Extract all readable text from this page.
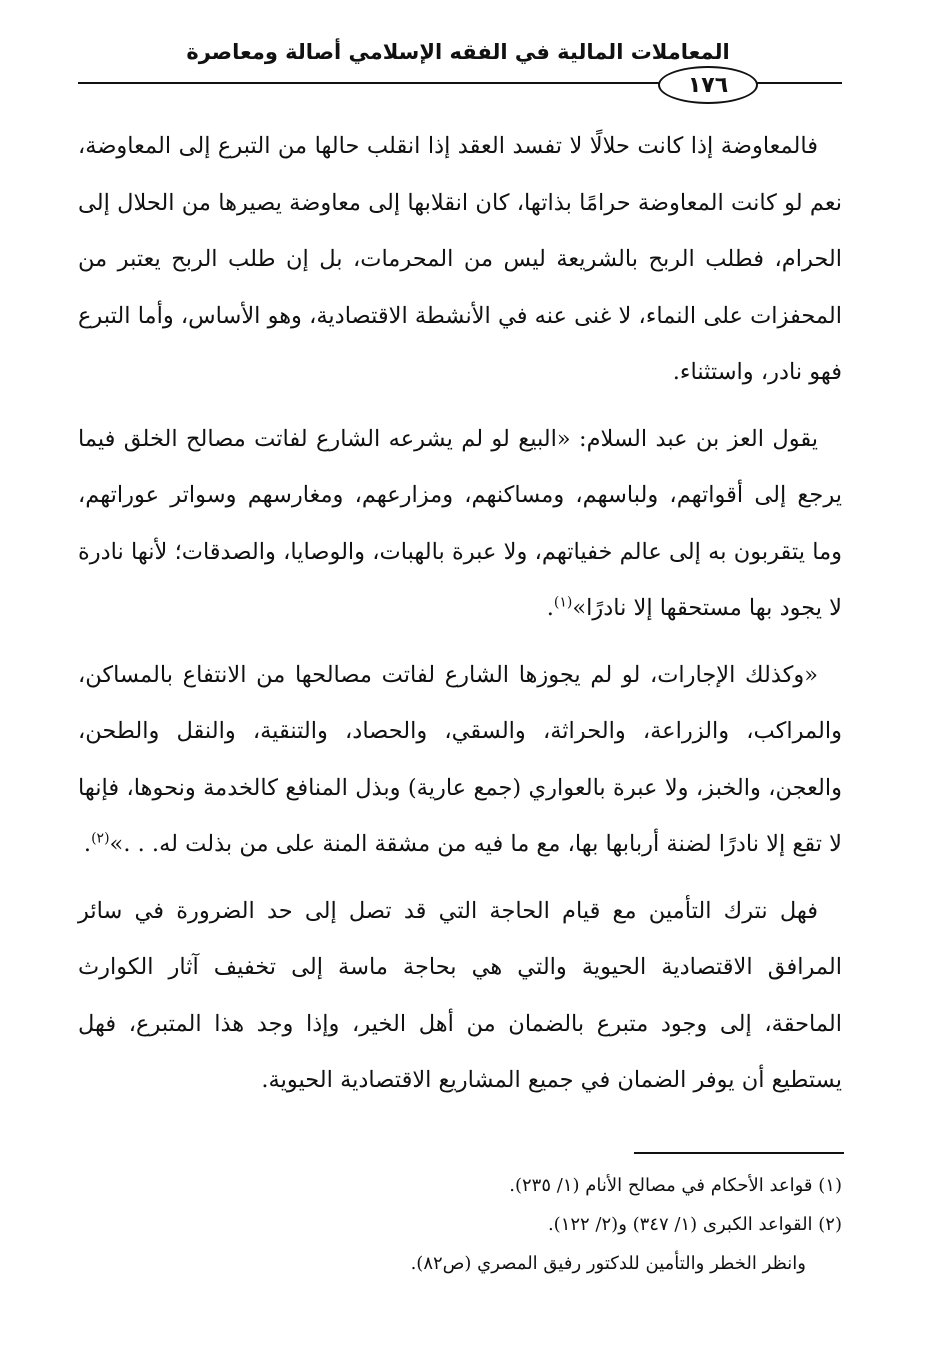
المعاملات المالية في الفقه الإسلامي أصالة ومعاصرة
١٧٦

فالمعاوضة إذا كانت حلالًا لا تفسد العقد إذا انقلب حالها من التبرع إلى المعاوضة، نعم لو كانت المعاوضة حرامًا بذاتها، كان انقلابها إلى معاوضة يصيرها من الحلال إلى الحرام، فطلب الربح بالشريعة ليس من المحرمات، بل إن طلب الربح يعتبر من المحفزات على النماء، لا غنى عنه في الأنشطة الاقتصادية، وهو الأساس، وأما التبرع فهو نادر، واستثناء.

يقول العز بن عبد السلام: «البيع لو لم يشرعه الشارع لفاتت مصالح الخلق فيما يرجع إلى أقواتهم، ولباسهم، ومساكنهم، ومزارعهم، ومغارسهم وسواتر عوراتهم، وما يتقربون به إلى عالم خفياتهم، ولا عبرة بالهبات، والوصايا، والصدقات؛ لأنها نادرة لا يجود بها مستحقها إلا نادرًا»$^{(١)}$.

«وكذلك الإجارات، لو لم يجوزها الشارع لفاتت مصالحها من الانتفاع بالمساكن، والمراكب، والزراعة، والحراثة، والسقي، والحصاد، والتنقية، والنقل والطحن، والعجن، والخبز، ولا عبرة بالعواري (جمع عارية) وبذل المنافع كالخدمة ونحوها، فإنها لا تقع إلا نادرًا لضنة أربابها بها، مع ما فيه من مشقة المنة على من بذلت له. . .»$^{(٢)}$.

فهل نترك التأمين مع قيام الحاجة التي قد تصل إلى حد الضرورة في سائر المرافق الاقتصادية الحيوية والتي هي بحاجة ماسة إلى تخفيف آثار الكوارث الماحقة، إلى وجود متبرع بالضمان من أهل الخير، وإذا وجد هذا المتبرع، فهل يستطيع أن يوفر الضمان في جميع المشاريع الاقتصادية الحيوية.

(١) قواعد الأحكام في مصالح الأنام (١/ ٢٣٥).
(٢) القواعد الكبرى (١/ ٣٤٧) و(٢/ ١٢٢).
وانظر الخطر والتأمين للدكتور رفيق المصري (ص٨٢).
